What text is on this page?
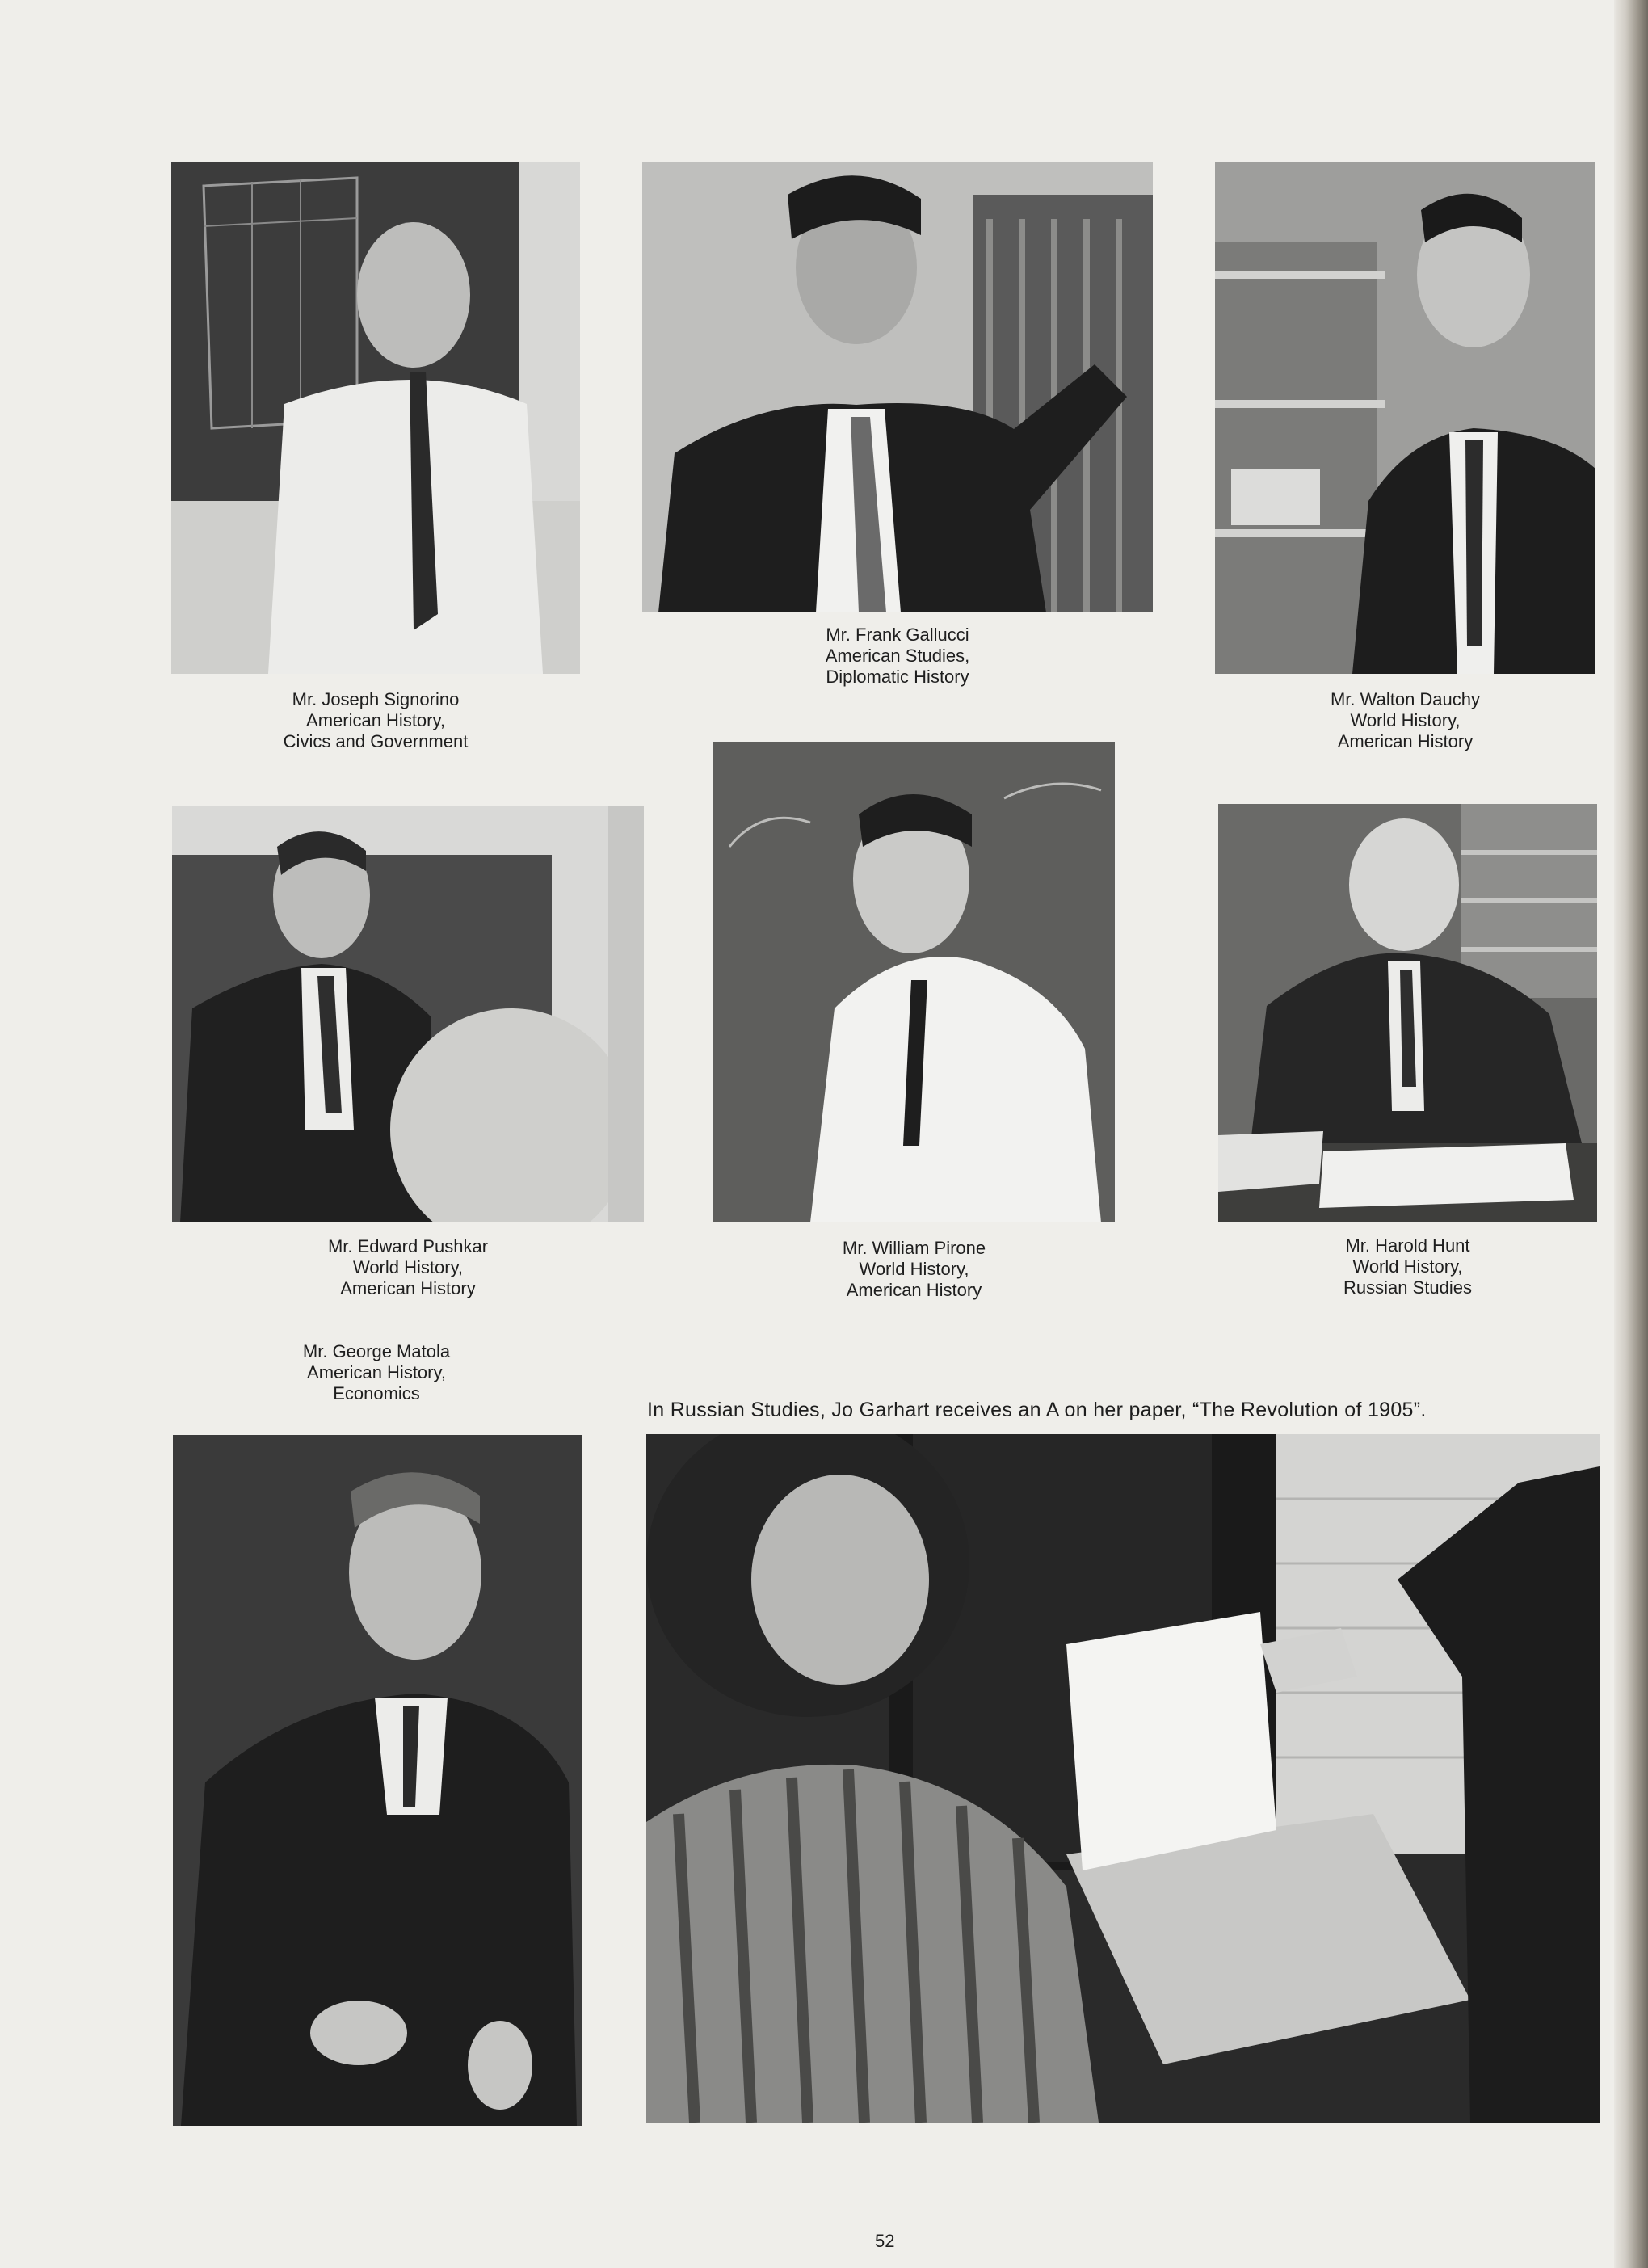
Mr. Joseph Signorino
American History,
Civics and Government
Mr. Frank Gallucci
American Studies,
Diplomatic History
Mr. Walton Dauchy
World History,
American History
Mr. Edward Pushkar
World History,
American History
Mr. William Pirone
World History,
American History
Mr. Harold Hunt
World History,
Russian Studies
Mr. George Matola
American History,
Economics
In Russian Studies, Jo Garhart receives an A on her paper, “The Revolution of 1905”.
52
